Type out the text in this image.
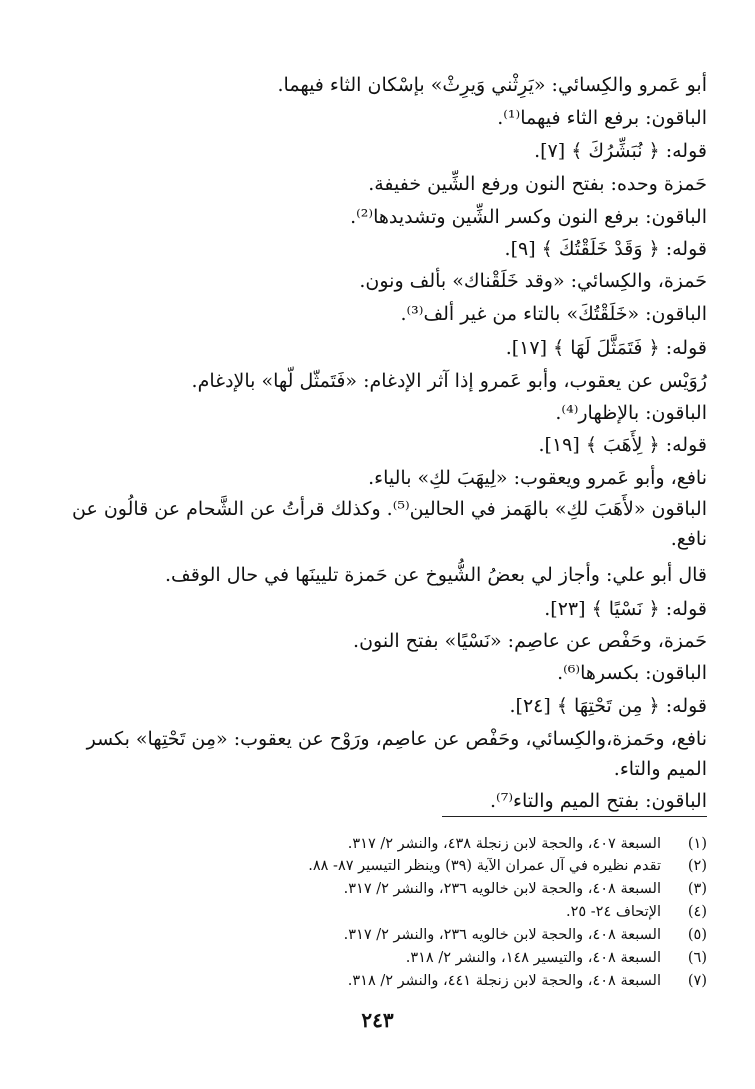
أبو عَمرو والكِسائي: «يَرِثْني وَيرِثْ» بإسْكان الثاء فيهما.
الباقون: برفع الثاء فيهما⁽¹⁾.
قوله: ﴿ نُبَشِّرُكَ ﴾ [٧].
حَمزة وحده: بفتح النون ورفع الشِّين خفيفة.
الباقون: برفع النون وكسر الشِّين وتشديدها⁽²⁾.
قوله: ﴿ وَقَدْ خَلَقْتُكَ ﴾ [٩].
حَمزة، والكِسائي: «وقد خَلَقْناك» بألف ونون.
الباقون: «خَلَقْتُكَ» بالتاء من غير ألف⁽³⁾.
قوله: ﴿ فَتَمَثَّلَ لَهَا ﴾ [١٧].
رُوَيْس عن يعقوب، وأبو عَمرو إذا آثر الإدغام: «فَتَمثّل لّها» بالإدغام.
الباقون: بالإظهار⁽⁴⁾.
قوله: ﴿ لِأَهَبَ ﴾ [١٩].
نافع، وأبو عَمرو ويعقوب: «لِيهَبَ لكِ» بالياء.
الباقون «لأَهَبَ لكِ» بالهَمز في الحالين⁽⁵⁾. وكذلك قرأتُ عن الشَّحام عن قالُون عن نافع.
قال أبو علي: وأجاز لي بعضُ الشُّيوخ عن حَمزة تليينَها في حال الوقف.
قوله: ﴿ نَسْيًا ﴾ [٢٣].
حَمزة، وحَفْص عن عاصِم: «نَسْيًا» بفتح النون.
الباقون: بكسرها⁽⁶⁾.
قوله: ﴿ مِن تَحْتِهَا ﴾ [٢٤].
نافع، وحَمزة،والكِسائي، وحَفْص عن عاصِم، ورَوْح عن يعقوب: «مِن تَحْتِها» بكسر الميم والتاء.
الباقون: بفتح الميم والتاء⁽⁷⁾.
(١)السبعة ٤٠٧، والحجة لابن زنجلة ٤٣٨، والنشر ٢/ ٣١٧.
(٢)تقدم نظيره في آل عمران الآية (٣٩) وينظر التيسير ٨٧- ٨٨.
(٣)السبعة ٤٠٨، والحجة لابن خالويه ٢٣٦، والنشر ٢/ ٣١٧.
(٤)الإتحاف ٢٤- ٢٥.
(٥)السبعة ٤٠٨، والحجة لابن خالويه ٢٣٦، والنشر ٢/ ٣١٧.
(٦)السبعة ٤٠٨، والتيسير ١٤٨، والنشر ٢/ ٣١٨.
(٧)السبعة ٤٠٨، والحجة لابن زنجلة ٤٤١، والنشر ٢/ ٣١٨.
٢٤٣
